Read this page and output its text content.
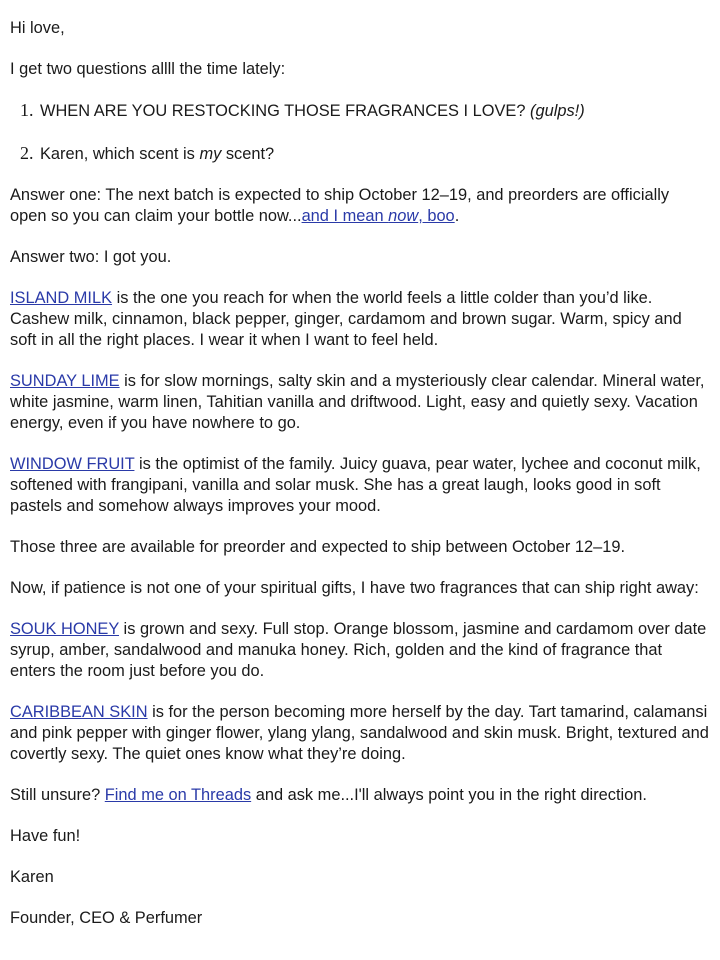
Hi love,

I get two questions allll the time lately:

1. WHEN ARE YOU RESTOCKING THOSE FRAGRANCES I LOVE? (gulps!)
2. Karen, which scent is my scent?

Answer one: The next batch is expected to ship October 12–19, and preorders are officially open so you can claim your bottle now...and I mean now, boo.

Answer two: I got you.

ISLAND MILK is the one you reach for when the world feels a little colder than you’d like. Cashew milk, cinnamon, black pepper, ginger, cardamom and brown sugar. Warm, spicy and soft in all the right places. I wear it when I want to feel held.

SUNDAY LIME is for slow mornings, salty skin and a mysteriously clear calendar. Mineral water, white jasmine, warm linen, Tahitian vanilla and driftwood. Light, easy and quietly sexy. Vacation energy, even if you have nowhere to go.

WINDOW FRUIT is the optimist of the family. Juicy guava, pear water, lychee and coconut milk, softened with frangipani, vanilla and solar musk. She has a great laugh, looks good in soft pastels and somehow always improves your mood.

Those three are available for preorder and expected to ship between October 12–19.

Now, if patience is not one of your spiritual gifts, I have two fragrances that can ship right away:

SOUK HONEY is grown and sexy. Full stop. Orange blossom, jasmine and cardamom over date syrup, amber, sandalwood and manuka honey. Rich, golden and the kind of fragrance that enters the room just before you do.

CARIBBEAN SKIN is for the person becoming more herself by the day. Tart tamarind, calamansi and pink pepper with ginger flower, ylang ylang, sandalwood and skin musk. Bright, textured and covertly sexy. The quiet ones know what they’re doing.

Still unsure? Find me on Threads and ask me...I'll always point you in the right direction.

Have fun!

Karen

Founder, CEO & Perfumer
